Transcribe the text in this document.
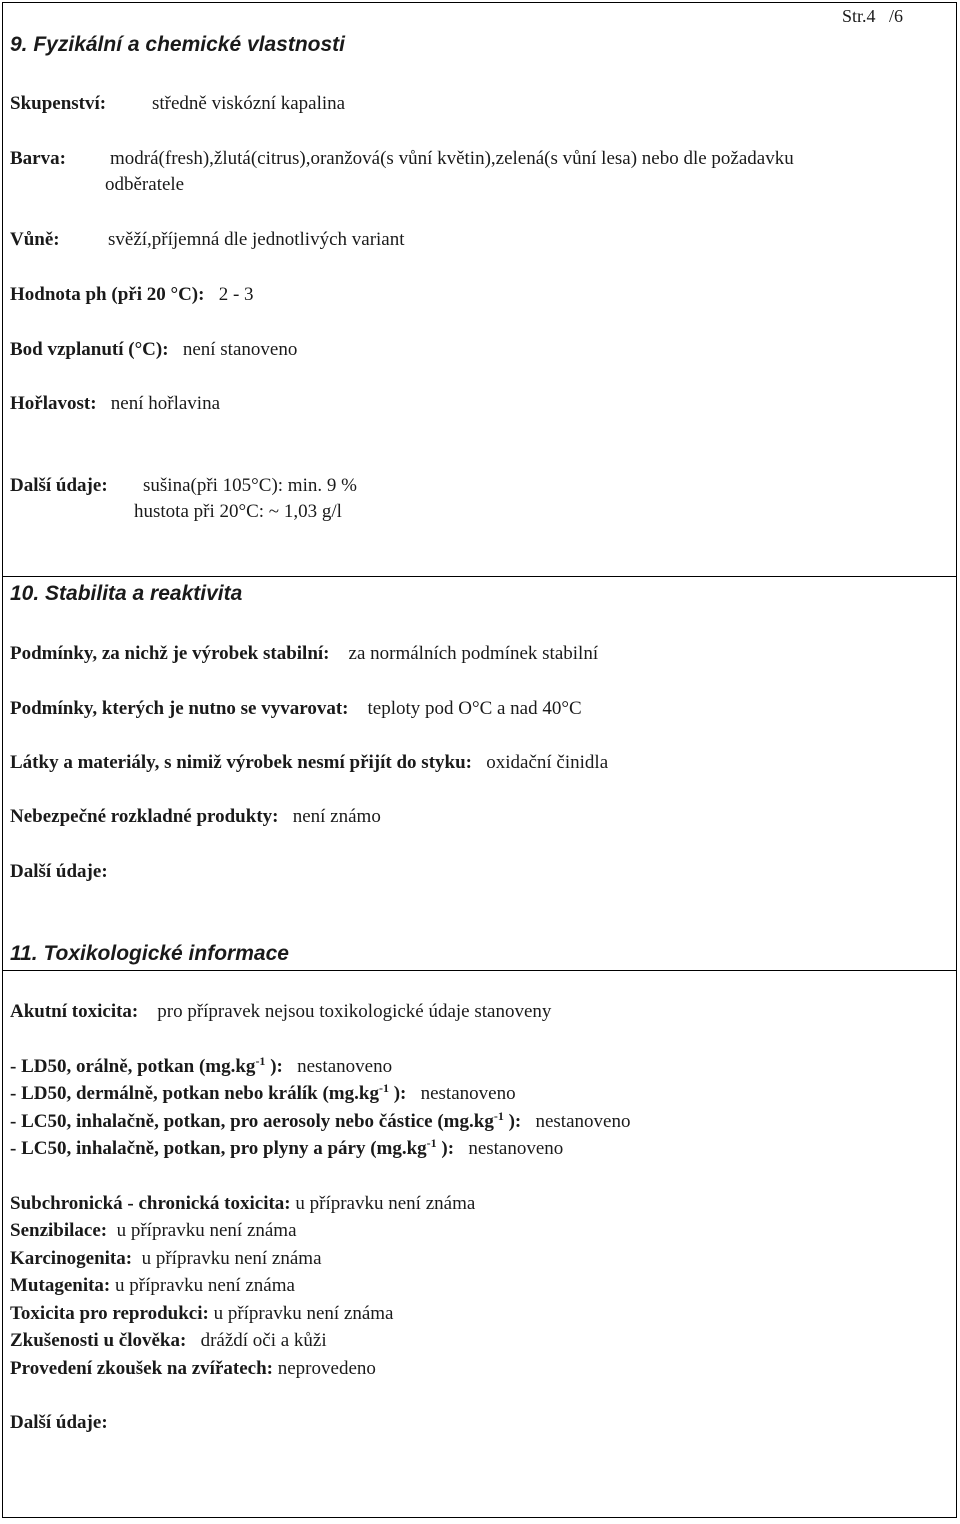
Str.4 /6
9. Fyzikální a chemické vlastnosti
Skupenství: středně viskózní kapalina
Barva: modrá(fresh),žlutá(citrus),oranžová(s vůní květin),zelená(s vůní lesa) nebo dle požadavku
odběratele
Vůně:	svěží,příjemná dle jednotlivých variant
Hodnota ph (při 20 °C): 2 - 3
Bod vzplanutí (°C): není stanoveno
Hořlavost: není hořlavina
Další údaje: sušina(při 105°C): min. 9 %
hustota při 20°C: ~ 1,03 g/l
10. Stabilita a reaktivita
Podmínky, za nichž je výrobek stabilní: za normálních podmínek stabilní
Podmínky, kterých je nutno se vyvarovat: teploty pod O°C a nad 40°C
Látky a materiály, s nimiž výrobek nesmí přijít do styku: oxidační činidla
Nebezpečné rozkladné produkty: není známo
Další údaje:
11. Toxikologické informace
Akutní toxicita: pro přípravek nejsou toxikologické údaje stanoveny
- LD50, orálně, potkan ($mg.kg^{-1}$ ): nestanoveno
- LD50, dermálně, potkan nebo králík ($mg.kg^{-1}$ ): nestanoveno
- LC50, inhalačně, potkan, pro aerosoly nebo částice ($mg.kg^{-1}$ ): nestanoveno
- LC50, inhalačně, potkan, pro plyny a páry ($mg.kg^{-1}$ ): nestanoveno
Subchronická - chronická toxicita: u přípravku není známa
Senzibilace: u přípravku není známa
Karcinogenita: u přípravku není známa
Mutagenita: u přípravku není známa
Toxicita pro reprodukci: u přípravku není známa
Zkušenosti u člověka: dráždí oči a kůži
Provedení zkoušek na zvířatech: neprovedeno
Další údaje:
